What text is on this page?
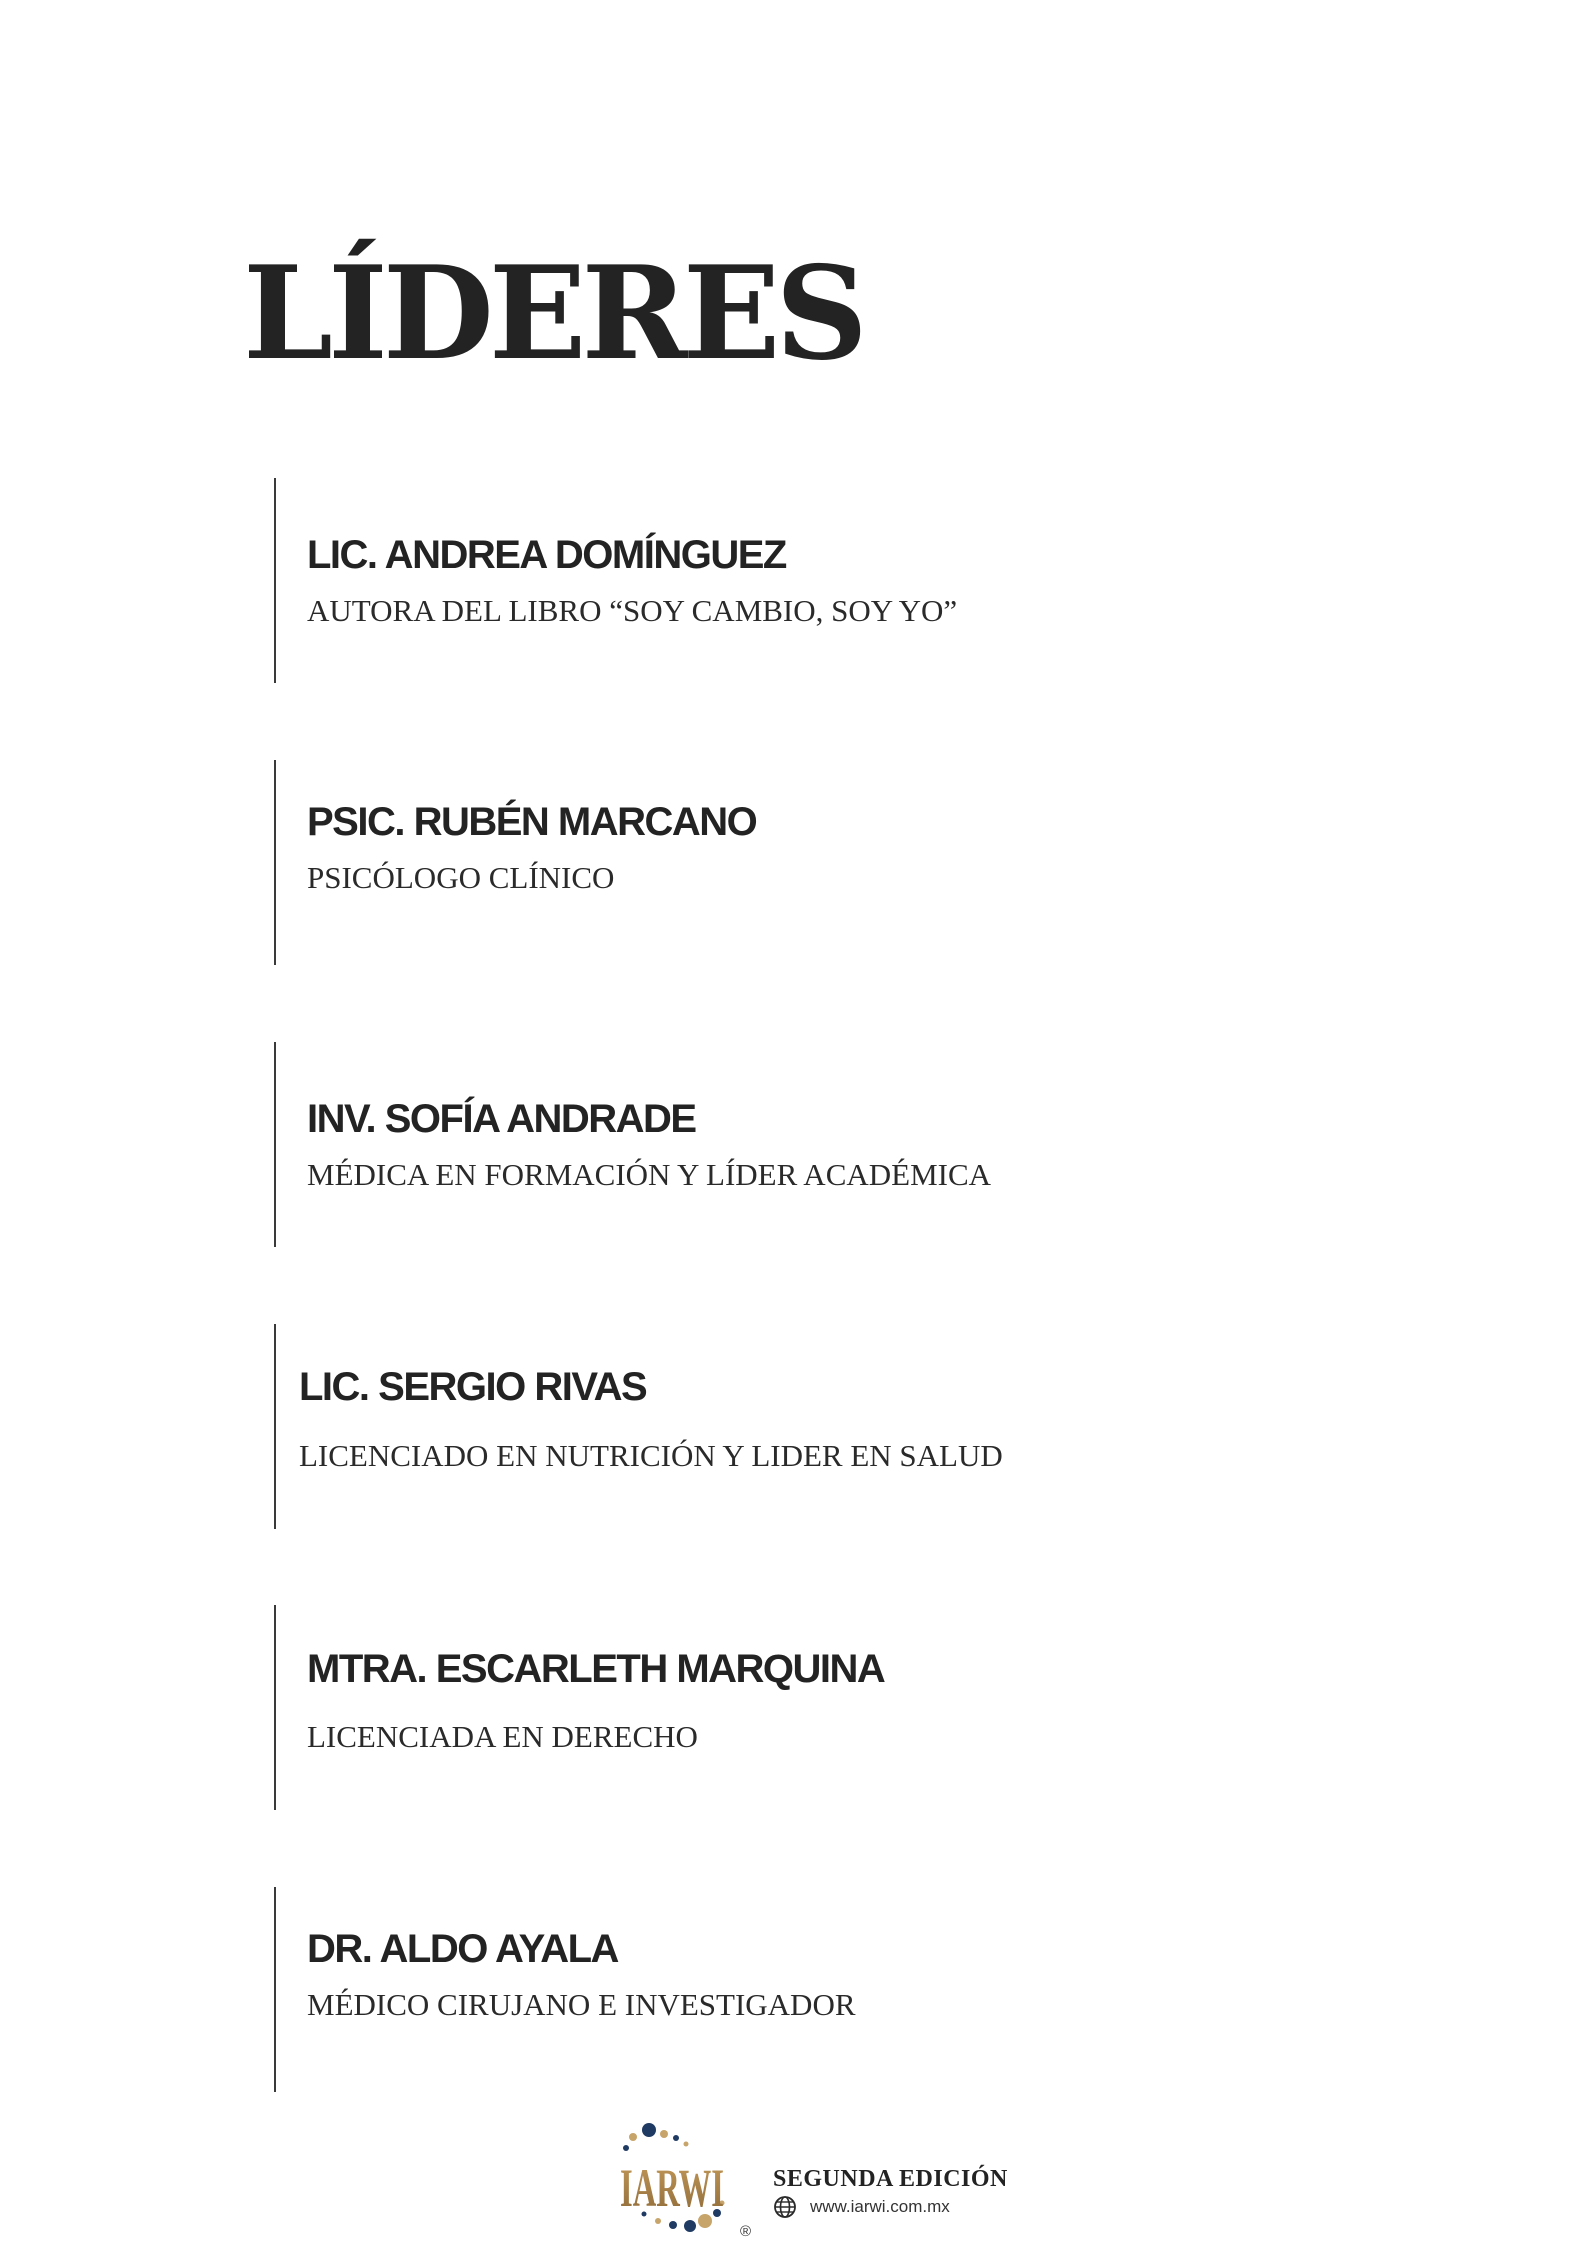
LÍDERES

LIC. ANDREA DOMÍNGUEZ

AUTORA DEL LIBRO “SOY CAMBIO, SOY YO”

PSIC. RUBÉN MARCANO

PSICÓLOGO CLÍNICO

INV. SOFÍA ANDRADE

MÉDICA EN FORMACIÓN Y LÍDER ACADÉMICA

LIC. SERGIO RIVAS

LICENCIADO EN NUTRICIÓN Y LIDER EN SALUD

MTRA. ESCARLETH MARQUINA

LICENCIADA EN DERECHO

DR. ALDO AYALA

MÉDICO CIRUJANO E INVESTIGADOR

IARWI
®
SEGUNDA EDICIÓN
www.iarwi.com.mx
